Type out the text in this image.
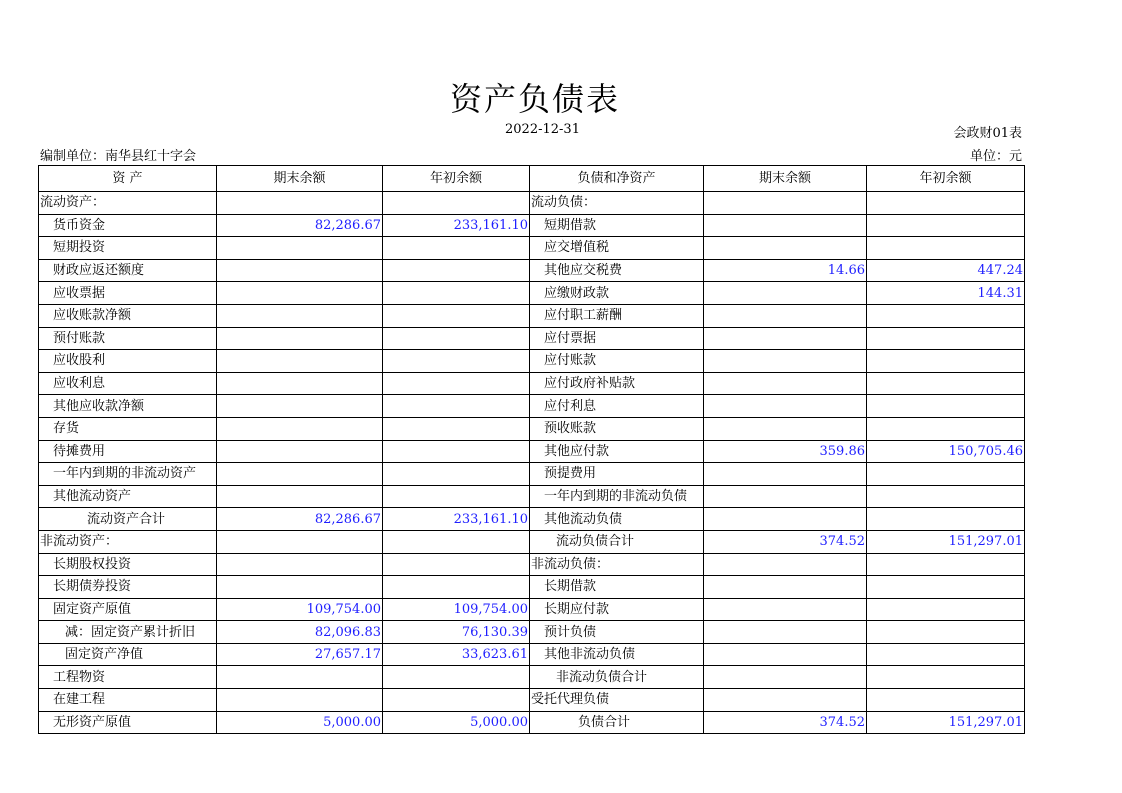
资产负债表
2022-12-31	会政财01表
编制单位：南华县红十字会	单位：元
资 产	期末余额	年初余额	负债和净资产	期末余额	年初余额
流动资产：			流动负债：		
货币资金	82,286.67	233,161.10	短期借款		
短期投资			应交增值税		
财政应返还额度			其他应交税费	14.66	447.24
应收票据			应缴财政款		144.31
应收账款净额			应付职工薪酬		
预付账款			应付票据		
应收股利			应付账款		
应收利息			应付政府补贴款		
其他应收款净额			应付利息		
存货			预收账款		
待摊费用			其他应付款	359.86	150,705.46
一年内到期的非流动资产			预提费用		
其他流动资产			一年内到期的非流动负债		
流动资产合计	82,286.67	233,161.10	其他流动负债		
非流动资产：			流动负债合计	374.52	151,297.01
长期股权投资			非流动负债：		
长期债券投资			长期借款		
固定资产原值	109,754.00	109,754.00	长期应付款		
减：固定资产累计折旧	82,096.83	76,130.39	预计负债		
固定资产净值	27,657.17	33,623.61	其他非流动负债		
工程物资			非流动负债合计		
在建工程			受托代理负债		
无形资产原值	5,000.00	5,000.00	负债合计	374.52	151,297.01
